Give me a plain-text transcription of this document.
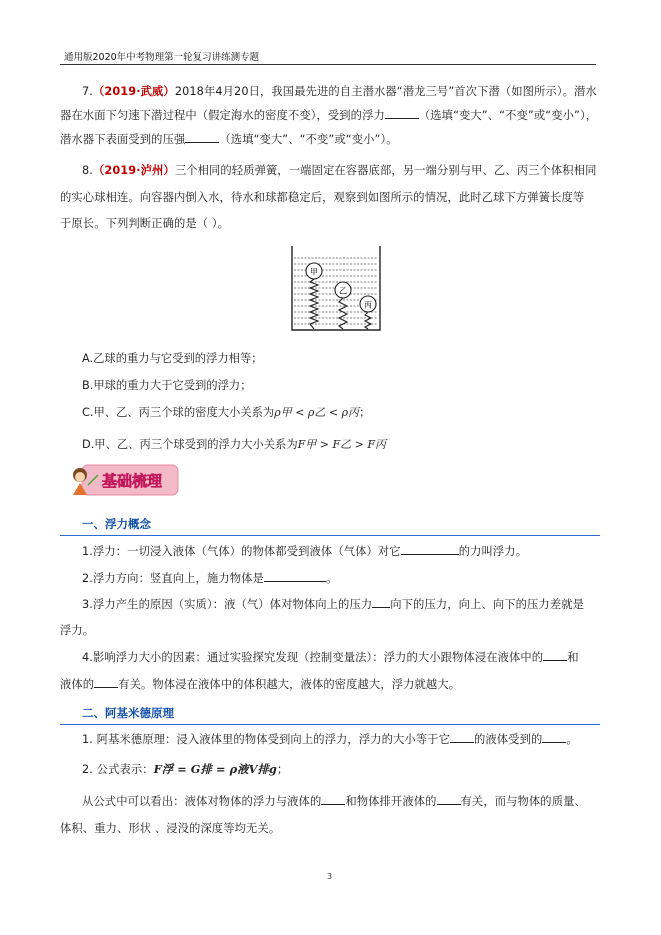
通用版2020年中考物理第一轮复习讲练测专题
7.（2019·武威）2018年4月20日，我国最先进的自主潜水器“潜龙三号”首次下潜（如图所示）。潜水
器在水面下匀速下潜过程中（假定海水的密度不变），受到的浮力	（选填“变大”、“不变”或“变小”），
潜水器下表面受到的压强	（选填“变大”、“不变”或“变小”）。
8.（2019·泸州）三个相同的轻质弹簧，一端固定在容器底部，另一端分别与甲、乙、丙三个体积相同
的实心球相连。向容器内倒入水，待水和球都稳定后，观察到如图所示的情况，此时乙球下方弹簧长度等
于原长。下列判断正确的是（ ）。
甲
乙
丙
A.乙球的重力与它受到的浮力相等；
B.甲球的重力大于它受到的浮力；
C.甲、乙、丙三个球的密度大小关系为ρ甲 < ρ乙 < ρ丙；
D.甲、乙、丙三个球受到的浮力大小关系为F甲 > F乙 > F丙
基础梳理
一、浮力概念
1.浮力：一切浸入液体（气体）的物体都受到液体（气体）对它	的力叫浮力。
2.浮力方向：竖直向上，施力物体是	。
3.浮力产生的原因（实质）：液（气）体对物体向上的压力 向下的压力，向上、向下的压力差就是
浮力。
4.影响浮力大小的因素：通过实验探究发现（控制变量法）：浮力的大小跟物体浸在液体中的 和
液体的 有关。物体浸在液体中的体积越大，液体的密度越大，浮力就越大。
二、阿基米德原理
1. 阿基米德原理：浸入液体里的物体受到向上的浮力，浮力的大小等于它 的液体受到的 。
2. 公式表示：F浮 = G排 = ρ液V排g；
从公式中可以看出：液体对物体的浮力与液体的 和物体排开液体的 有关，而与物体的质量、
体积、重力、形状 、浸没的深度等均无关。
3
